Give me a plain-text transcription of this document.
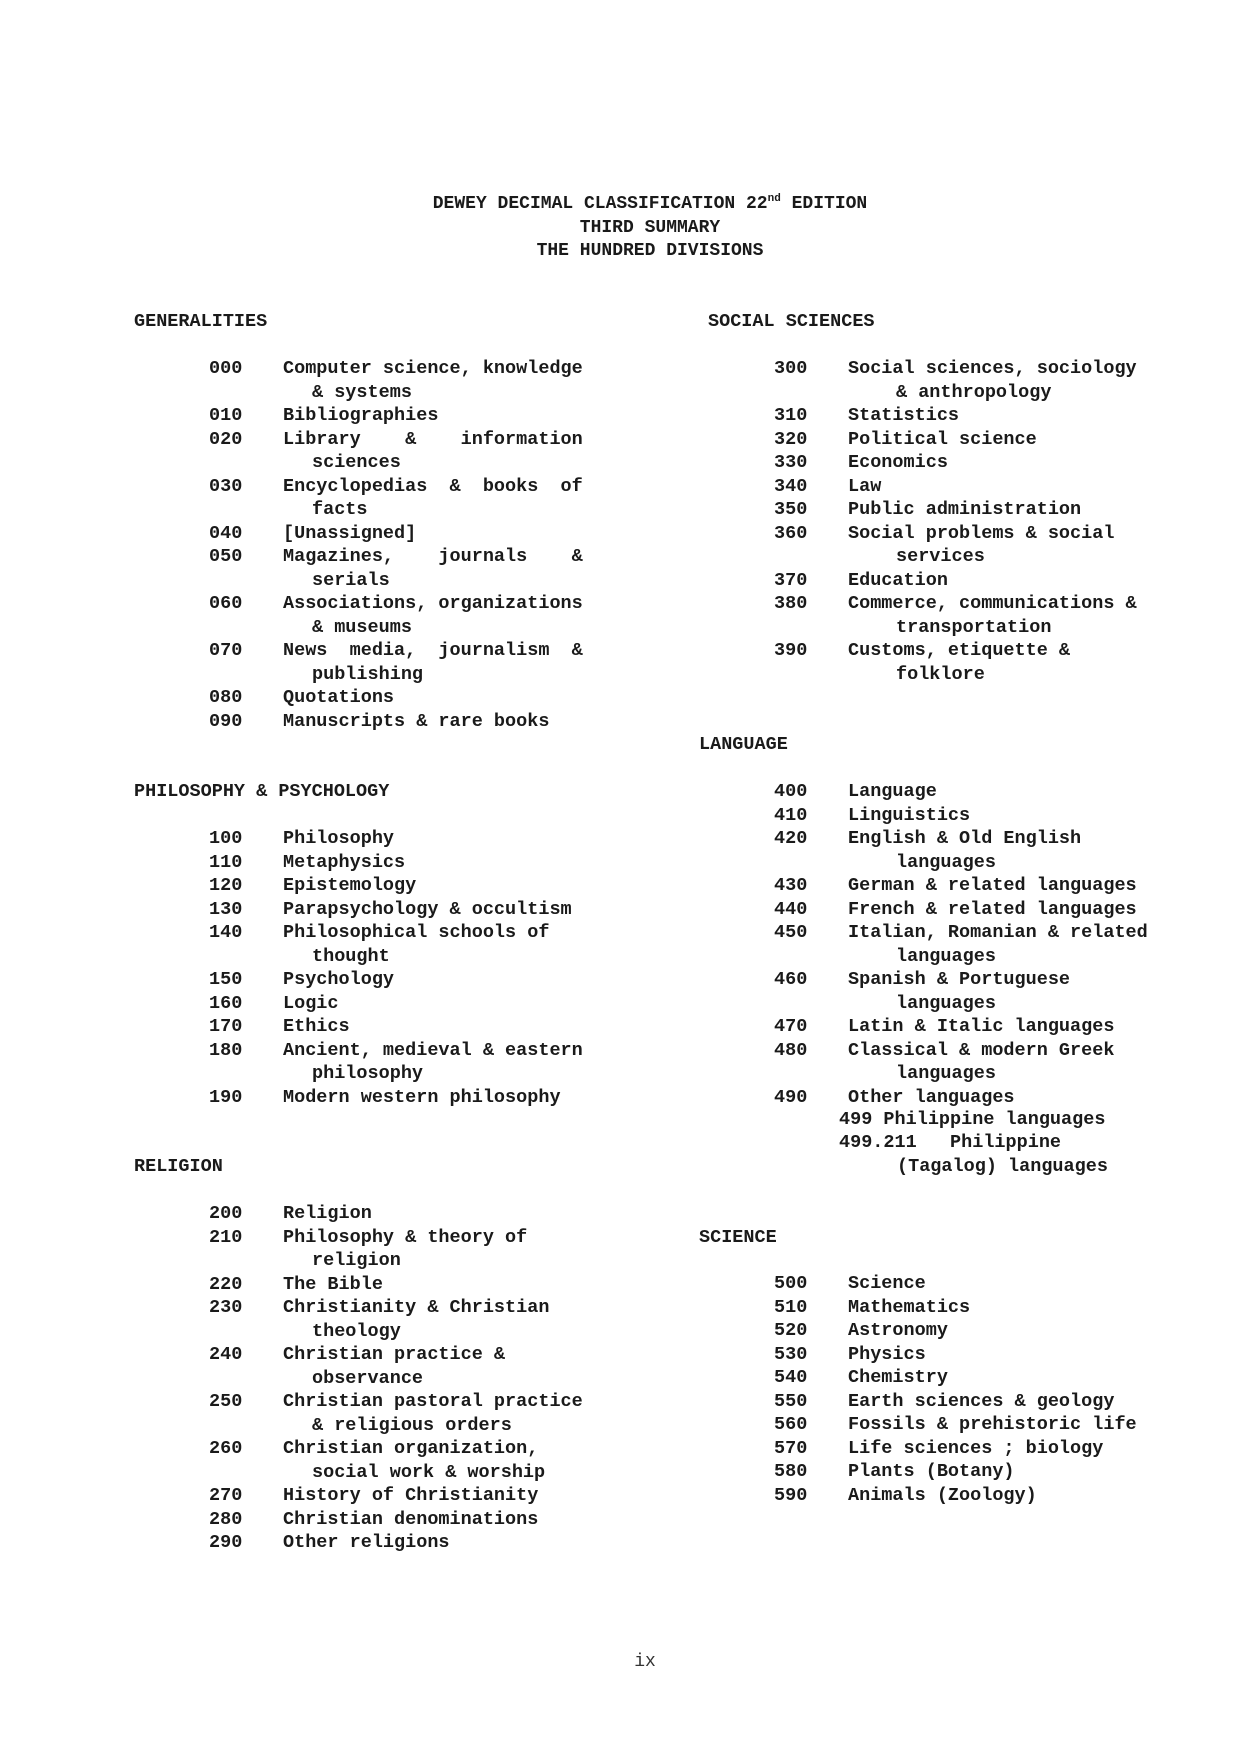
DEWEY DECIMAL CLASSIFICATION 22nd EDITION
THIRD SUMMARY
THE HUNDRED DIVISIONS
GENERALITIES
000	Computer science, knowledge
& systems
010	Bibliographies
020	Library    &    information
sciences
030	Encyclopedias  &  books  of
facts
040	[Unassigned]
050	Magazines,    journals    &
serials
060	Associations, organizations
& museums
070	News  media,  journalism  &
publishing
080	Quotations
090	Manuscripts & rare books
PHILOSOPHY & PSYCHOLOGY
100	Philosophy
110	Metaphysics
120	Epistemology
130	Parapsychology & occultism
140	Philosophical schools of
thought
150	Psychology
160	Logic
170	Ethics
180	Ancient, medieval & eastern
philosophy
190	Modern western philosophy
RELIGION
200	Religion
210	Philosophy & theory of
religion
220	The Bible
230	Christianity & Christian
theology
240	Christian practice &
observance
250	Christian pastoral practice
& religious orders
260	Christian organization,
social work & worship
270	History of Christianity
280	Christian denominations
290	Other religions
SOCIAL SCIENCES
300	Social sciences, sociology
& anthropology
310	Statistics
320	Political science
330	Economics
340	Law
350	Public administration
360	Social problems & social
services
370	Education
380	Commerce, communications &
transportation
390	Customs, etiquette &
folklore
LANGUAGE
400	Language
410	Linguistics
420	English & Old English
languages
430	German & related languages
440	French & related languages
450	Italian, Romanian & related
languages
460	Spanish & Portuguese
languages
470	Latin & Italic languages
480	Classical & modern Greek
languages
490	Other languages
499 Philippine languages
499.211   Philippine
(Tagalog) languages
SCIENCE
500	Science
510	Mathematics
520	Astronomy
530	Physics
540	Chemistry
550	Earth sciences & geology
560	Fossils & prehistoric life
570	Life sciences ; biology
580	Plants (Botany)
590	Animals (Zoology)
ix
